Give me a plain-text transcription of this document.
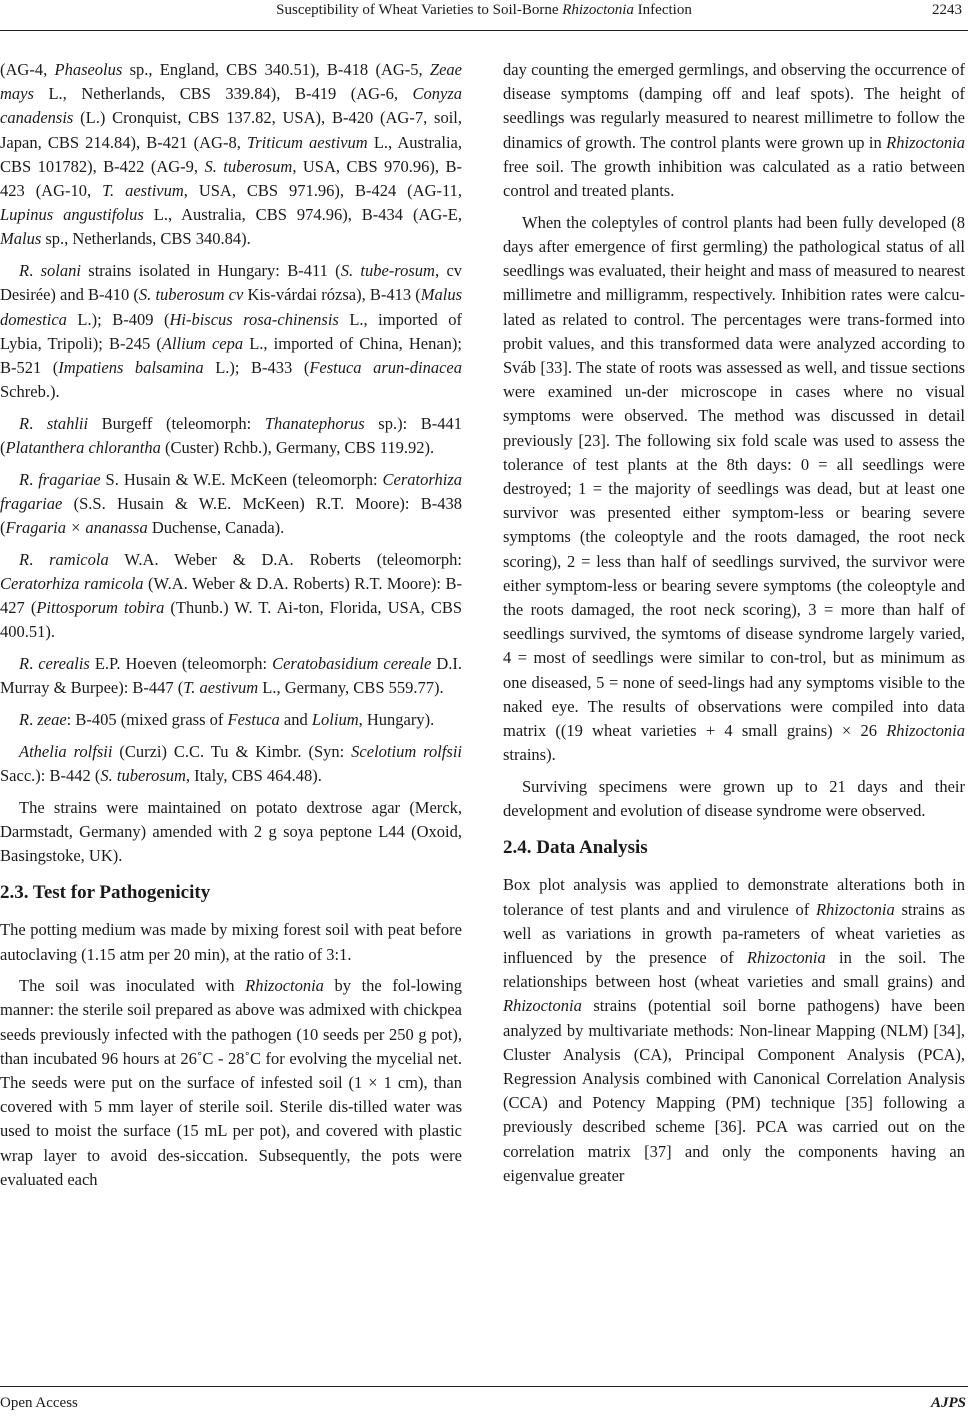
Susceptibility of Wheat Varieties to Soil-Borne Rhizoctonia Infection	2243

(AG-4, Phaseolus sp., England, CBS 340.51), B-418 (AG-5, Zeae mays L., Netherlands, CBS 339.84), B-419 (AG-6, Conyza canadensis (L.) Cronquist, CBS 137.82, USA), B-420 (AG-7, soil, Japan, CBS 214.84), B-421 (AG-8, Triticum aestivum L., Australia, CBS 101782), B-422 (AG-9, S. tuberosum, USA, CBS 970.96), B-423 (AG-10, T. aestivum, USA, CBS 971.96), B-424 (AG-11, Lupinus angustifolus L., Australia, CBS 974.96), B-434 (AG-E, Malus sp., Netherlands, CBS 340.84).

R. solani strains isolated in Hungary: B-411 (S. tube-rosum, cv Desirée) and B-410 (S. tuberosum cv Kis-várdai rózsa), B-413 (Malus domestica L.); B-409 (Hi-biscus rosa-chinensis L., imported of Lybia, Tripoli); B-245 (Allium cepa L., imported of China, Henan); B-521 (Impatiens balsamina L.); B-433 (Festuca arun-dinacea Schreb.).

R. stahlii Burgeff (teleomorph: Thanatephorus sp.): B-441 (Platanthera chlorantha (Custer) Rchb.), Germany, CBS 119.92).

R. fragariae S. Husain & W.E. McKeen (teleomorph: Ceratorhiza fragariae (S.S. Husain & W.E. McKeen) R.T. Moore): B-438 (Fragaria × ananassa Duchense, Canada).

R. ramicola W.A. Weber & D.A. Roberts (teleomorph: Ceratorhiza ramicola (W.A. Weber & D.A. Roberts) R.T. Moore): B-427 (Pittosporum tobira (Thunb.) W. T. Ai-ton, Florida, USA, CBS 400.51).

R. cerealis E.P. Hoeven (teleomorph: Ceratobasidium cereale D.I. Murray & Burpee): B-447 (T. aestivum L., Germany, CBS 559.77).

R. zeae: B-405 (mixed grass of Festuca and Lolium, Hungary).

Athelia rolfsii (Curzi) C.C. Tu & Kimbr. (Syn: Scelotium rolfsii Sacc.): B-442 (S. tuberosum, Italy, CBS 464.48).

The strains were maintained on potato dextrose agar (Merck, Darmstadt, Germany) amended with 2 g soya peptone L44 (Oxoid, Basingstoke, UK).

2.3. Test for Pathogenicity

The potting medium was made by mixing forest soil with peat before autoclaving (1.15 atm per 20 min), at the ratio of 3:1.

The soil was inoculated with Rhizoctonia by the fol-lowing manner: the sterile soil prepared as above was admixed with chickpea seeds previously infected with the pathogen (10 seeds per 250 g pot), than incubated 96 hours at 26˚C - 28˚C for evolving the mycelial net. The seeds were put on the surface of infested soil (1 × 1 cm), than covered with 5 mm layer of sterile soil. Sterile dis-tilled water was used to moist the surface (15 mL per pot), and covered with plastic wrap layer to avoid des-siccation. Subsequently, the pots were evaluated each

day counting the emerged germlings, and observing the occurrence of disease symptoms (damping off and leaf spots). The height of seedlings was regularly measured to nearest millimetre to follow the dinamics of growth. The control plants were grown up in Rhizoctonia free soil. The growth inhibition was calculated as a ratio between control and treated plants.

When the coleptyles of control plants had been fully developed (8 days after emergence of first germling) the pathological status of all seedlings was evaluated, their height and mass of measured to nearest millimetre and milligramm, respectively. Inhibition rates were calcu-lated as related to control. The percentages were trans-formed into probit values, and this transformed data were analyzed according to Sváb [33]. The state of roots was assessed as well, and tissue sections were examined un-der microscope in cases where no visual symptoms were observed. The method was discussed in detail previously [23]. The following six fold scale was used to assess the tolerance of test plants at the 8th days: 0 = all seedlings were destroyed; 1 = the majority of seedlings was dead, but at least one survivor was presented either symptom-less or bearing severe symptoms (the coleoptyle and the roots damaged, the root neck scoring), 2 = less than half of seedlings survived, the survivor were either symptom-less or bearing severe symptoms (the coleoptyle and the roots damaged, the root neck scoring), 3 = more than half of seedlings survived, the symtoms of disease syndrome largely varied, 4 = most of seedlings were similar to con-trol, but as minimum as one diseased, 5 = none of seed-lings had any symptoms visible to the naked eye. The results of observations were compiled into data matrix ((19 wheat varieties + 4 small grains) × 26 Rhizoctonia strains).

Surviving specimens were grown up to 21 days and their development and evolution of disease syndrome were observed.

2.4. Data Analysis

Box plot analysis was applied to demonstrate alterations both in tolerance of test plants and and virulence of Rhizoctonia strains as well as variations in growth pa-rameters of wheat varieties as influenced by the presence of Rhizoctonia in the soil. The relationships between host (wheat varieties and small grains) and Rhizoctonia strains (potential soil borne pathogens) have been analyzed by multivariate methods: Non-linear Mapping (NLM) [34], Cluster Analysis (CA), Principal Component Analysis (PCA), Regression Analysis combined with Canonical Correlation Analysis (CCA) and Potency Mapping (PM) technique [35] following a previously described scheme [36]. PCA was carried out on the correlation matrix [37] and only the components having an eigenvalue greater

Open Access	AJPS
